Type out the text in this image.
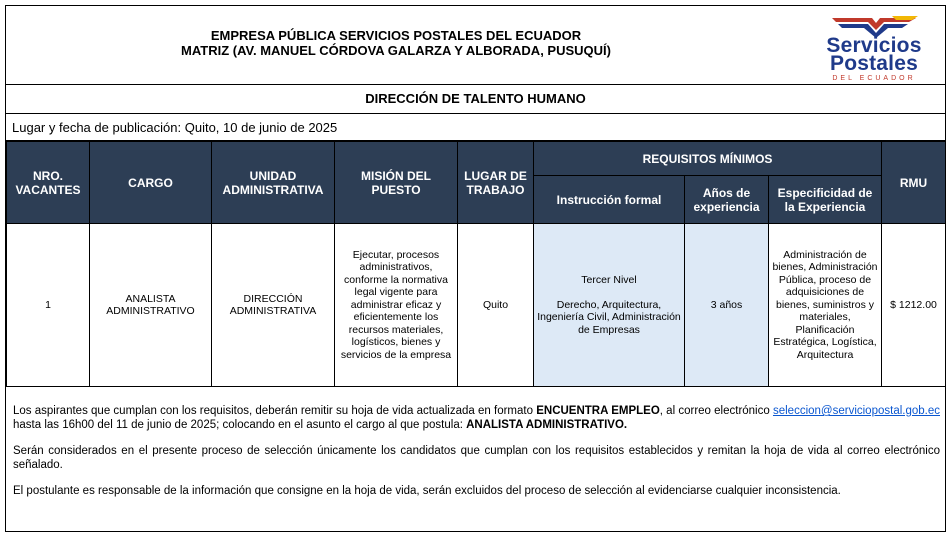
EMPRESA PÚBLICA SERVICIOS POSTALES DEL ECUADOR
MATRIZ (AV. MANUEL CÓRDOVA GALARZA Y ALBORADA, PUSUQUÍ)	Servicios
Postales
DEL ECUADOR
DIRECCIÓN DE TALENTO HUMANO
Lugar y fecha de publicación: Quito, 10 de junio de 2025
NRO. VACANTES	CARGO	UNIDAD ADMINISTRATIVA	MISIÓN DEL PUESTO	LUGAR DE TRABAJO	REQUISITOS MÍNIMOS			RMU
					Instrucción formal	Años de experiencia	Especificidad de la Experiencia	
1	ANALISTA ADMINISTRATIVO	DIRECCIÓN ADMINISTRATIVA	Ejecutar, procesos administrativos, conforme la normativa legal vigente para administrar eficaz y eficientemente los recursos materiales, logísticos, bienes y servicios de la empresa	Quito	Tercer Nivel
Derecho, Arquitectura, Ingeniería Civil, Administración de Empresas	3 años	Administración de bienes, Administración Pública, proceso de adquisiciones de bienes, suministros y materiales, Planificación Estratégica, Logística, Arquitectura	$ 1212.00

Los aspirantes que cumplan con los requisitos, deberán remitir su hoja de vida actualizada en formato ENCUENTRA EMPLEO, al correo electrónico seleccion@serviciopostal.gob.ec hasta las 16h00 del 11 de junio de 2025; colocando en el asunto el cargo al que postula: ANALISTA ADMINISTRATIVO.

Serán considerados en el presente proceso de selección únicamente los candidatos que cumplan con los requisitos establecidos y remitan la hoja de vida al correo electrónico señalado.

El postulante es responsable de la información que consigne en la hoja de vida, serán excluidos del proceso de selección al evidenciarse cualquier inconsistencia.
